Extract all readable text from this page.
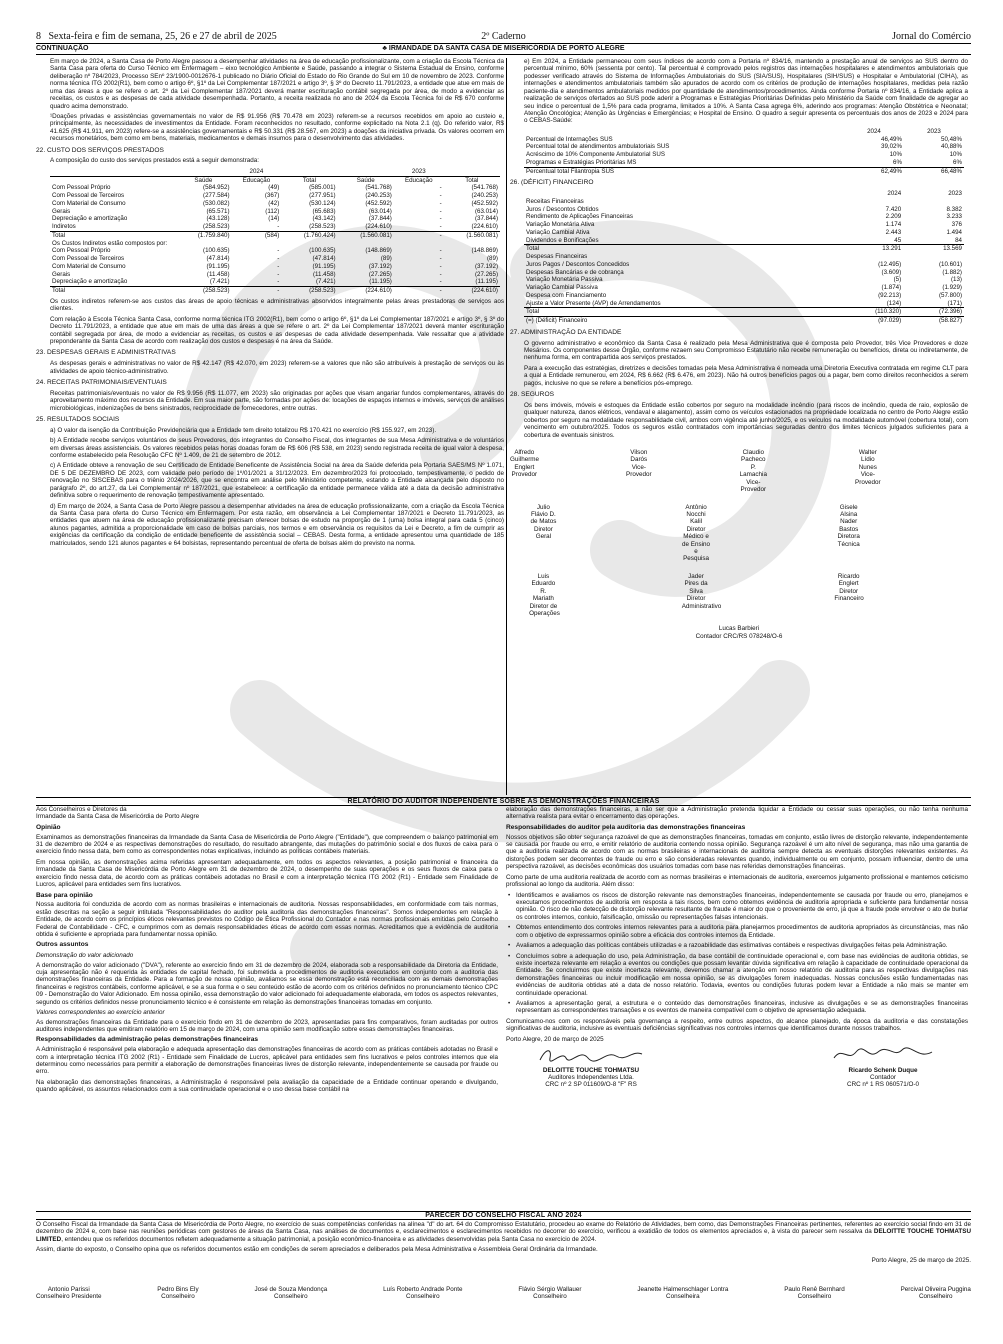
8 Sexta-feira e fim de semana, 25, 26 e 27 de abril de 2025	2º Caderno	Jornal do Comércio
CONTINUAÇÃO	♣ IRMANDADE DA SANTA CASA DE MISERICÓRDIA DE PORTO ALEGRE

Em março de 2024, a Santa Casa de Porto Alegre passou a desempenhar atividades na área de educação profissionalizante, com a criação da Escola Técnica da Santa Casa para oferta do Curso Técnico em Enfermagem – eixo tecnológico Ambiente e Saúde, passando a integrar o Sistema Estadual de Ensino, conforme deliberação nº 784/2023, Processo SEnº 23/1900-0012676-1 publicado no Diário Oficial do Estado do Rio Grande do Sul em 10 de novembro de 2023. Conforme norma técnica ITG 2002(R1), bem como o artigo 6º, §1º da Lei Complementar 187/2021 e artigo 3º, § 3º do Decreto 11.791/2023, a entidade que atue em mais de uma das áreas a que se refere o art. 2º da Lei Complementar 187/2021 deverá manter escrituração contábil segregada por área, de modo a evidenciar as receitas, os custos e as despesas de cada atividade desempenhada. Portanto, a receita realizada no ano de 2024 da Escola Técnica foi de R$ 670 conforme quadro acima demonstrado.

¹Doações privadas e assistências governamentais no valor de R$ 91.956 (R$ 70.478 em 2023) referem-se a recursos recebidos em apoio ao custeio e, principalmente, às necessidades de investimentos da Entidade. Foram reconhecidos no resultado, conforme explicitado na Nota 2.1 (q). Do referido valor, R$ 41.625 (R$ 41.911, em 2023) refere-se a assistências governamentais e R$ 50.331 (R$ 28.567, em 2023) a doações da iniciativa privada. Os valores ocorrem em recursos monetários, bem como em bens, materiais, medicamentos e demais insumos para o desenvolvimento das atividades.

22. CUSTO DOS SERVIÇOS PRESTADOS

A composição do custo dos serviços prestados está a seguir demonstrada:

	2024			2023		
	Saúde	Educação	Total	Saúde	Educação	Total
Com Pessoal Próprio	(584.952)	(49)	(585.001)	(541.768)	-	(541.768)
Com Pessoal de Terceiros	(277.584)	(367)	(277.951)	(240.253)	-	(240.253)
Com Material de Consumo	(530.082)	(42)	(530.124)	(452.592)	-	(452.592)
Gerais	(65.571)	(112)	(65.683)	(63.014)	-	(63.014)
Depreciação e amortização	(43.128)	(14)	(43.142)	(37.844)	-	(37.844)
Indiretos	(258.523)	-	(258.523)	(224.610)	-	(224.610)
Total	(1.759.840)	(584)	(1.760.424)	(1.560.081)	-	(1.560.081)
Os Custos Indiretos estão compostos por:						
Com Pessoal Próprio	(100.635)	-	(100.635)	(148.869)	-	(148.869)
Com Pessoal de Terceiros	(47.814)	-	(47.814)	(89)	-	(89)
Com Material de Consumo	(91.195)	-	(91.195)	(37.192)	-	(37.192)
Gerais	(11.458)	-	(11.458)	(27.265)	-	(27.265)
Depreciação e amortização	(7.421)	-	(7.421)	(11.195)	-	(11.195)
Total	(258.523)	-	(258.523)	(224.610)	-	(224.610)

Os custos indiretos referem-se aos custos das áreas de apoio técnicas e administrativas absorvidos integralmente pelas áreas prestadoras de serviços aos clientes.

Com relação à Escola Técnica Santa Casa, conforme norma técnica ITG 2002(R1), bem como o artigo 6º, §1º da Lei Complementar 187/2021 e artigo 3º, § 3º do Decreto 11.791/2023, a entidade que atue em mais de uma das áreas a que se refere o art. 2º da Lei Complementar 187/2021 deverá manter escrituração contábil segregada por área, de modo a evidenciar as receitas, os custos e as despesas de cada atividade desempenhada. Vale ressaltar que a atividade preponderante da Santa Casa de acordo com realização dos custos e despesas é na área da Saúde.

23. DESPESAS GERAIS E ADMINISTRATIVAS

As despesas gerais e administrativas no valor de R$ 42.147 (R$ 42.070, em 2023) referem-se a valores que não são atribuíveis à prestação de serviços ou às atividades de apoio técnico-administrativo.

24. RECEITAS PATRIMONIAIS/EVENTUAIS

Receitas patrimoniais/eventuais no valor de R$ 9.956 (R$ 11.077, em 2023) são originadas por ações que visam angariar fundos complementares, através do aproveitamento máximo dos recursos da Entidade. Em sua maior parte, são formadas por ações de: locações de espaços internos e imóveis, serviços de análises microbiológicas, indenizações de bens sinistrados, reciprocidade de fornecedores, entre outras.

25. RESULTADOS SOCIAIS

a) O valor da isenção da Contribuição Previdenciária que a Entidade tem direito totalizou R$ 170.421 no exercício (R$ 155.927, em 2023).

b) A Entidade recebe serviços voluntários de seus Provedores, dos integrantes do Conselho Fiscal, dos integrantes de sua Mesa Administrativa e de voluntários em diversas áreas assistenciais. Os valores recebidos pelas horas doadas foram de R$ 606 (R$ 538, em 2023) sendo registrada receita de igual valor à despesa, conforme estabelecido pela Resolução CFC Nº 1.409, de 21 de setembro de 2012.

c) A Entidade obteve a renovação de seu Certificado de Entidade Beneficente de Assistência Social na área da Saúde deferida pela Portaria SAES/MS Nº 1.071, DE 5 DE DEZEMBRO DE 2023, com validade pelo período de 1º/01/2021 a 31/12/2023. Em dezembro/2023 foi protocolado, tempestivamente, o pedido de renovação no SISCEBAS para o triênio 2024/2026, que se encontra em análise pelo Ministério competente, estando a Entidade alcançada pelo disposto no parágrafo 2º, do art.27, da Lei Complementar nº 187/2021, que estabelece: a certificação da entidade permanece válida até a data da decisão administrativa definitiva sobre o requerimento de renovação tempestivamente apresentado.

d) Em março de 2024, a Santa Casa de Porto Alegre passou a desempenhar atividades na área de educação profissionalizante, com a criação da Escola Técnica da Santa Casa para oferta do Curso Técnico em Enfermagem. Por esta razão, em observância a Lei Complementar 187/2021 e Decreto 11.791/2023, as entidades que atuem na área de educação profissionalizante precisam oferecer bolsas de estudo na proporção de 1 (uma) bolsa integral para cada 5 (cinco) alunos pagantes, admitida a proporcionalidade em caso de bolsas parciais, nos termos e em observância os requisitos da Lei e Decreto, a fim de cumprir as exigências da certificação da condição de entidade beneficente de assistência social – CEBAS. Desta forma, a entidade apresentou uma quantidade de 185 matriculados, sendo 121 alunos pagantes e 64 bolsistas, representando percentual de oferta de bolsas além do previsto na norma.

e) Em 2024, a Entidade permaneceu com seus índices de acordo com a Portaria nº 834/16, mantendo a prestação anual de serviços ao SUS dentro do percentual mínimo, 60% (sessenta por cento). Tal percentual é comprovado pelos registros das internações hospitalares e atendimentos ambulatoriais que podesser verificado através do Sistema de Informações Ambulatoriais do SUS (SIA/SUS), Hospitalares (SIH/SUS) e Hospitalar e Ambulatorial (CIHA), as internações e atendimentos ambulatoriais também são apurados de acordo com os critérios de produção de internações hospitalares, medidas pela razão paciente-dia e atendimentos ambulatoriais medidos por quantidade de atendimentos/procedimentos. Ainda conforme Portaria nº 834/16, a Entidade aplica a realização de serviços ofertados ao SUS pode aderir a Programas e Estratégias Prioritárias Definidas pelo Ministério da Saúde com finalidade de agregar ao seu índice o percentual de 1,5% para cada programa, limitados a 10%. A Santa Casa agrega 6%, aderindo aos programas: Atenção Obstétrica e Neonatal; Atenção Oncológica; Atenção às Urgências e Emergências; e Hospital de Ensino. O quadro a seguir apresenta os percentuais dos anos de 2023 e 2024 para o CEBAS-Saúde:

	2024	2023
Percentual de Internações SUS	46,49%	50,48%
Percentual total de atendimentos ambulatoriais SUS	39,02%	40,88%
Acréscimo de 10% Componente Ambulatorial SUS	10%	10%
Programas e Estratégias Prioritárias MS	6%	6%
Percentual total Filantropia SUS	62,49%	66,48%
26. (DÉFICIT) FINANCEIRO
	2024	2023
Receitas Financeiras		
Juros / Descontos Obtidos	7.420	8.382
Rendimento de Aplicações Financeiras	2.209	3.233
Variação Monetária Ativa	1.174	376
Variação Cambial Ativa	2.443	1.494
Dividendos e Bonificações	45	84
Total	13.291	13.569

Despesas Financeiras		
Juros Pagos / Descontos Concedidos	(12.495)	(10.601)
Despesas Bancárias e de cobrança	(3.609)	(1.882)
Variação Monetária Passiva	(5)	(13)
Variação Cambial Passiva	(1.874)	(1.929)
Despesa com Financiamento	(92.213)	(57.800)
Ajuste a Valor Presente (AVP) de Arrendamentos	(124)	(171)
Total	(110.320)	(72.396)

(=) (Déficit) Financeiro	(97.029)	(58.827)
27. ADMINISTRAÇÃO DA ENTIDADE

O governo administrativo e econômico da Santa Casa é realizado pela Mesa Administrativa que é composta pelo Provedor, três Vice Provedores e doze Mesários. Os componentes desse Órgão, conforme rezaem seu Compromisso Estatutário não recebe remuneração ou benefícios, direta ou indiretamente, de nenhuma forma, em contrapartida aos serviços prestados.

Para a execução das estratégias, diretrizes e decisões tomadas pela Mesa Administrativa é nomeada uma Diretoria Executiva contratada em regime CLT para a qual a Entidade remunerou, em 2024, R$ 6.662 (R$ 6.476, em 2023). Não há outros benefícios pagos ou a pagar, bem como direitos reconhecidos a serem pagos, inclusive no que se refere a benefícios pós-emprego.

28. SEGUROS

Os bens imóveis, móveis e estoques da Entidade estão cobertos por seguro na modalidade incêndio (para riscos de incêndio, queda de raio, explosão de qualquer natureza, danos elétricos, vendaval e alagamento), assim como os veículos estacionados na propriedade localizada no centro de Porto Alegre estão cobertos por seguro na modalidade responsabilidade civil, ambos com vigência até junho/2025, e os veículos na modalidade automóvel (cobertura total), com vencimento em outubro/2025. Todos os seguros estão contratados com importâncias seguradas dentro dos limites técnicos julgados suficientes para a cobertura de eventuais sinistros.

Alfredo Guilherme Englert
Provedor
Vilson Darós
Vice-Provedor
Claudio Pacheco P. Lamachia
Vice-Provedor
Walter Lídio Nunes
Vice-Provedor
Julio Flávio D. de Matos
Diretor Geral
Antônio Nocchi Kalil
Diretor Médico e de Ensino e Pesquisa
Gisele Alsina Nader Bastos
Diretora Técnica
Luis Eduardo R. Mariath
Diretor de Operações
Jader Pires da Silva
Diretor Administrativo
Ricardo Englert
Diretor Financeiro
Lucas Barbieri
Contador CRC/RS 078248/O-6
RELATÓRIO DO AUDITOR INDEPENDENTE SOBRE AS DEMONSTRAÇÕES FINANCEIRAS
Aos Conselheiros e Diretores da
Irmandade da Santa Casa de Misericórdia de Porto Alegre
Opinião

Examinamos as demonstrações financeiras da Irmandade da Santa Casa de Misericórdia de Porto Alegre ("Entidade"), que compreendem o balanço patrimonial em 31 de dezembro de 2024 e as respectivas demonstrações do resultado, do resultado abrangente, das mutações do patrimônio social e dos fluxos de caixa para o exercício findo nessa data, bem como as correspondentes notas explicativas, incluindo as políticas contábeis materiais.

Em nossa opinião, as demonstrações acima referidas apresentam adequadamente, em todos os aspectos relevantes, a posição patrimonial e financeira da Irmandade da Santa Casa de Misericórdia de Porto Alegre em 31 de dezembro de 2024, o desempenho de suas operações e os seus fluxos de caixa para o exercício findo nessa data, de acordo com as práticas contábeis adotadas no Brasil e com a interpretação técnica ITG 2002 (R1) - Entidade sem Finalidade de Lucros, aplicável para entidades sem fins lucrativos.

Base para opinião

Nossa auditoria foi conduzida de acordo com as normas brasileiras e internacionais de auditoria. Nossas responsabilidades, em conformidade com tais normas, estão descritas na seção a seguir intitulada "Responsabilidades do auditor pela auditoria das demonstrações financeiras". Somos independentes em relação à Entidade, de acordo com os princípios éticos relevantes previstos no Código de Ética Profissional do Contador e nas normas profissionais emitidas pelo Conselho Federal de Contabilidade - CFC, e cumprimos com as demais responsabilidades éticas de acordo com essas normas. Acreditamos que a evidência de auditoria obtida é suficiente e apropriada para fundamentar nossa opinião.

Outros assuntos
Demonstração do valor adicionado

A demonstração do valor adicionado ("DVA"), referente ao exercício findo em 31 de dezembro de 2024, elaborada sob a responsabilidade da Diretoria da Entidade, cuja apresentação não é requerida às entidades de capital fechado, foi submetida a procedimentos de auditoria executados em conjunto com a auditoria das demonstrações financeiras da Entidade. Para a formação de nossa opinião, avaliamos se essa demonstração está reconciliada com as demais demonstrações financeiras e registros contábeis, conforme aplicável, e se a sua forma e o seu conteúdo estão de acordo com os critérios definidos no pronunciamento técnico CPC 09 - Demonstração do Valor Adicionado. Em nossa opinião, essa demonstração do valor adicionado foi adequadamente elaborada, em todos os aspectos relevantes, segundo os critérios definidos nesse pronunciamento técnico e é consistente em relação às demonstrações financeiras tomadas em conjunto.

Valores correspondentes ao exercício anterior

As demonstrações financeiras da Entidade para o exercício findo em 31 de dezembro de 2023, apresentadas para fins comparativos, foram auditadas por outros auditores independentes que emitiram relatório em 15 de março de 2024, com uma opinião sem modificação sobre essas demonstrações financeiras.

Responsabilidades da administração pelas demonstrações financeiras

A Administração é responsável pela elaboração e adequada apresentação das demonstrações financeiras de acordo com as práticas contábeis adotadas no Brasil e com a interpretação técnica ITG 2002 (R1) - Entidade sem Finalidade de Lucros, aplicável para entidades sem fins lucrativos e pelos controles internos que ela determinou como necessários para permitir a elaboração de demonstrações financeiras livres de distorção relevante, independentemente se causada por fraude ou erro.

Na elaboração das demonstrações financeiras, a Administração é responsável pela avaliação da capacidade de a Entidade continuar operando e divulgando, quando aplicável, os assuntos relacionados com a sua continuidade operacional e o uso dessa base contábil na

elaboração das demonstrações financeiras, a não ser que a Administração pretenda liquidar a Entidade ou cessar suas operações, ou não tenha nenhuma alternativa realista para evitar o encerramento das operações.

Responsabilidades do auditor pela auditoria das demonstrações financeiras

Nossos objetivos são obter segurança razoável de que as demonstrações financeiras, tomadas em conjunto, estão livres de distorção relevante, independentemente se causada por fraude ou erro, e emitir relatório de auditoria contendo nossa opinião. Segurança razoável é um alto nível de segurança, mas não uma garantia de que a auditoria realizada de acordo com as normas brasileiras e internacionais de auditoria sempre detecta as eventuais distorções relevantes existentes. As distorções podem ser decorrentes de fraude ou erro e são consideradas relevantes quando, individualmente ou em conjunto, possam influenciar, dentro de uma perspectiva razoável, as decisões econômicas dos usuários tomadas com base nas referidas demonstrações financeiras.

Como parte de uma auditoria realizada de acordo com as normas brasileiras e internacionais de auditoria, exercemos julgamento profissional e mantemos ceticismo profissional ao longo da auditoria. Além disso:

• Identificamos e avaliamos os riscos de distorção relevante nas demonstrações financeiras, independentemente se causada por fraude ou erro, planejamos e executamos procedimentos de auditoria em resposta a tais riscos, bem como obtemos evidência de auditoria apropriada e suficiente para fundamentar nossa opinião. O risco de não detecção de distorção relevante resultante de fraude é maior do que o proveniente de erro, já que a fraude pode envolver o ato de burlar os controles internos, conluio, falsificação, omissão ou representações falsas intencionais.
• Obtemos entendimento dos controles internos relevantes para a auditoria para planejarmos procedimentos de auditoria apropriados às circunstâncias, mas não com o objetivo de expressarmos opinião sobre a eficácia dos controles internos da Entidade.
• Avaliamos a adequação das políticas contábeis utilizadas e a razoabilidade das estimativas contábeis e respectivas divulgações feitas pela Administração.
• Concluímos sobre a adequação do uso, pela Administração, da base contábil de continuidade operacional e, com base nas evidências de auditoria obtidas, se existe incerteza relevante em relação a eventos ou condições que possam levantar dúvida significativa em relação à capacidade de continuidade operacional da Entidade. Se concluirmos que existe incerteza relevante, devemos chamar a atenção em nosso relatório de auditoria para as respectivas divulgações nas demonstrações financeiras ou incluir modificação em nossa opinião, se as divulgações forem inadequadas. Nossas conclusões estão fundamentadas nas evidências de auditoria obtidas até a data de nosso relatório. Todavia, eventos ou condições futuras podem levar a Entidade a não mais se manter em continuidade operacional.
• Avaliamos a apresentação geral, a estrutura e o conteúdo das demonstrações financeiras, inclusive as divulgações e se as demonstrações financeiras representam as correspondentes transações e os eventos de maneira compatível com o objetivo de apresentação adequada.

Comunicamo-nos com os responsáveis pela governança a respeito, entre outros aspectos, do alcance planejado, da época da auditoria e das constatações significativas de auditoria, inclusive as eventuais deficiências significativas nos controles internos que identificamos durante nossos trabalhos.

Porto Alegre, 20 de março de 2025

DELOITTE TOUCHE TOHMATSU
Auditores Independentes Ltda.
CRC nº 2 SP 011609/O-8 "F" RS
Ricardo Schenk Duque
Contador
CRC nº 1 RS 060571/O-0
PARECER DO CONSELHO FISCAL ANO 2024

O Conselho Fiscal da Irmandade da Santa Casa de Misericórdia de Porto Alegre, no exercício de suas competências conferidas na alínea "d" do art. 64 do Compromisso Estatutário, procedeu ao exame do Relatório de Atividades, bem como, das Demonstrações Financeiras pertinentes, referentes ao exercício social findo em 31 de dezembro de 2024 e, com base nas reuniões periódicas com gestores de áreas da Santa Casa, nas análises de documentos e, esclarecimentos e esclarecimentos recebidos no decorrer do exercício, verificou a exatidão de todos os elementos apreciados e, à vista do parecer sem ressalva da DELOITTE TOUCHE TOHMATSU LIMITED, entendeu que os referidos documentos refletem adequadamente a situação patrimonial, a posição econômico-financeira e as atividades desenvolvidas pela Santa Casa no exercício de 2024.

Assim, diante do exposto, o Conselho opina que os referidos documentos estão em condições de serem apreciados e deliberados pela Mesa Administrativa e Assembleia Geral Ordinária da Irmandade.

Porto Alegre, 25 de março de 2025.

Antonio Parissi
Conselheiro Presidente
Pedro Bins Ely
Conselheiro
José de Souza Mendonça
Conselheiro
Luís Roberto Andrade Ponte
Conselheiro
Flávio Sérgio Wallauer
Conselheiro
Jeanette Halmenschlager Lontra
Conselheira
Paulo Renê Bernhard
Conselheiro
Percival Oliveira Puggina
Conselheiro
